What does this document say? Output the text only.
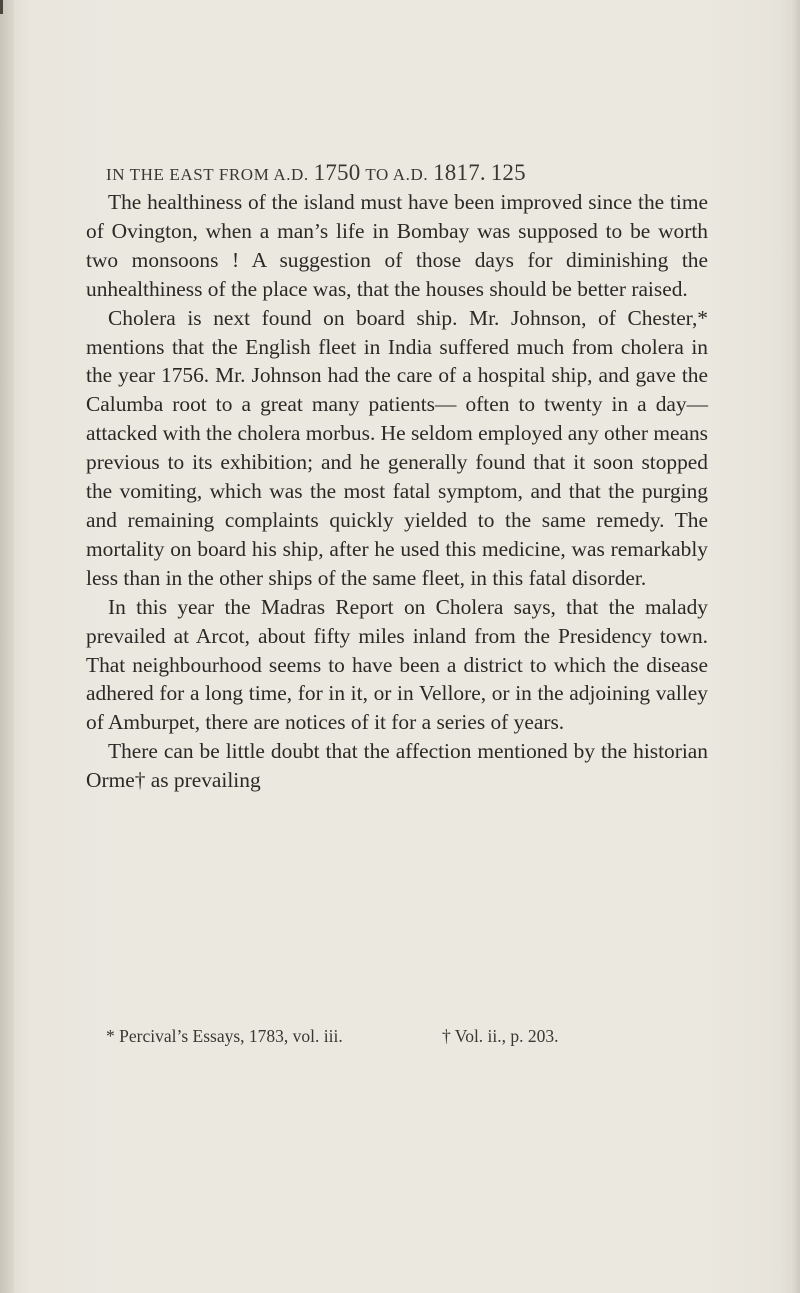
IN THE EAST FROM A.D. 1750 TO A.D. 1817. 125

The healthiness of the island must have been improved since the time of Ovington, when a man’s life in Bombay was supposed to be worth two monsoons ! A suggestion of those days for diminishing the unhealthiness of the place was, that the houses should be better raised.

Cholera is next found on board ship. Mr. Johnson, of Chester,* mentions that the English fleet in India suffered much from cholera in the year 1756. Mr. Johnson had the care of a hospital ship, and gave the Calumba root to a great many patients— often to twenty in a day—attacked with the cholera morbus. He seldom employed any other means previous to its exhibition; and he generally found that it soon stopped the vomiting, which was the most fatal symptom, and that the purging and remaining complaints quickly yielded to the same remedy. The mortality on board his ship, after he used this medicine, was remarkably less than in the other ships of the same fleet, in this fatal disorder.

In this year the Madras Report on Cholera says, that the malady prevailed at Arcot, about fifty miles inland from the Presidency town. That neighbourhood seems to have been a district to which the disease adhered for a long time, for in it, or in Vellore, or in the adjoining valley of Amburpet, there are notices of it for a series of years.

There can be little doubt that the affection mentioned by the historian Orme† as prevailing

* Percival’s Essays, 1783, vol. iii.	† Vol. ii., p. 203.
